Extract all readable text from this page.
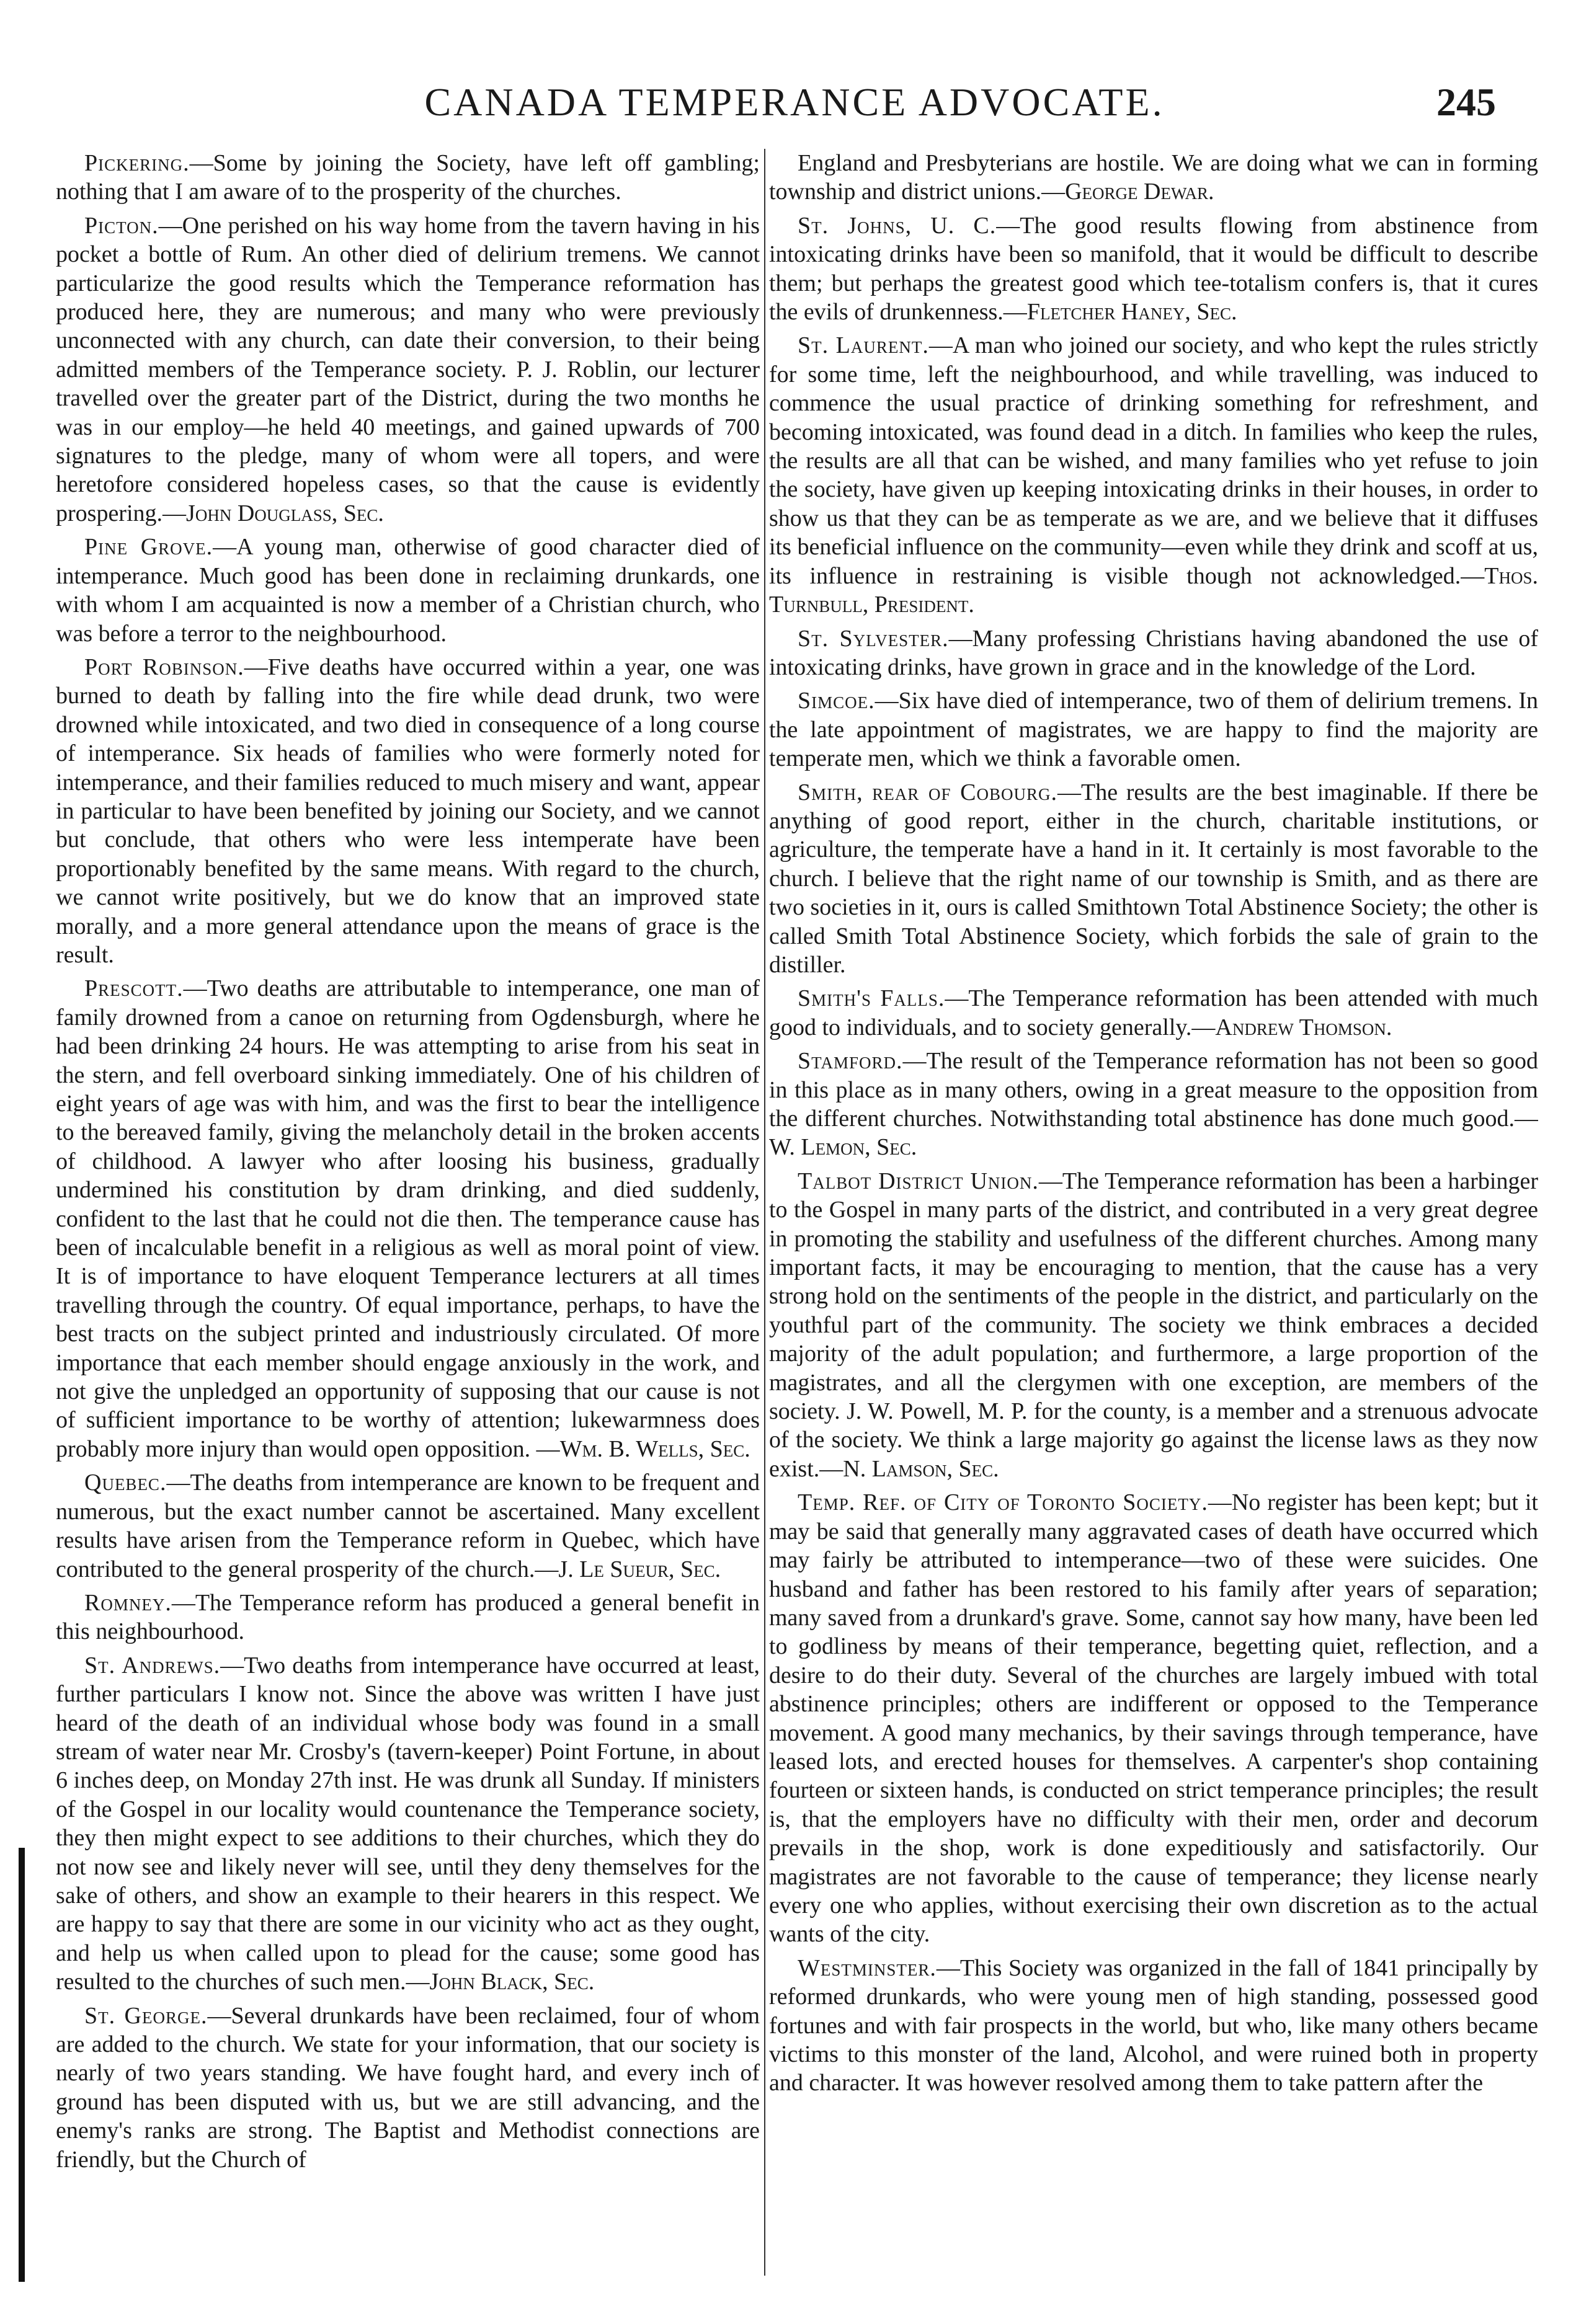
CANADA TEMPERANCE ADVOCATE.	245

Pickering.—Some by joining the Society, have left off gambling; nothing that I am aware of to the prosperity of the churches.

Picton.—One perished on his way home from the tavern having in his pocket a bottle of Rum. An other died of delirium tremens. We cannot particularize the good results which the Temperance reformation has produced here, they are numerous; and many who were previously unconnected with any church, can date their conversion, to their being admitted members of the Temperance society. P. J. Roblin, our lecturer travelled over the greater part of the District, during the two months he was in our employ—he held 40 meetings, and gained upwards of 700 signatures to the pledge, many of whom were all topers, and were heretofore considered hopeless cases, so that the cause is evidently prospering.—John Douglass, Sec.

Pine Grove.—A young man, otherwise of good character died of intemperance. Much good has been done in reclaiming drunkards, one with whom I am acquainted is now a member of a Christian church, who was before a terror to the neighbourhood.

Port Robinson.—Five deaths have occurred within a year, one was burned to death by falling into the fire while dead drunk, two were drowned while intoxicated, and two died in consequence of a long course of intemperance. Six heads of families who were formerly noted for intemperance, and their families reduced to much misery and want, appear in particular to have been benefited by joining our Society, and we cannot but conclude, that others who were less intemperate have been proportionably benefited by the same means. With regard to the church, we cannot write positively, but we do know that an improved state morally, and a more general attendance upon the means of grace is the result.

Prescott.—Two deaths are attributable to intemperance, one man of family drowned from a canoe on returning from Ogdensburgh, where he had been drinking 24 hours. He was attempting to arise from his seat in the stern, and fell overboard sinking immediately. One of his children of eight years of age was with him, and was the first to bear the intelligence to the bereaved family, giving the melancholy detail in the broken accents of childhood. A lawyer who after loosing his business, gradually undermined his constitution by dram drinking, and died suddenly, confident to the last that he could not die then. The temperance cause has been of incalculable benefit in a religious as well as moral point of view. It is of importance to have eloquent Temperance lecturers at all times travelling through the country. Of equal importance, perhaps, to have the best tracts on the subject printed and industriously circulated. Of more importance that each member should engage anxiously in the work, and not give the unpledged an opportunity of supposing that our cause is not of sufficient importance to be worthy of attention; lukewarmness does probably more injury than would open opposition. —Wm. B. Wells, Sec.

Quebec.—The deaths from intemperance are known to be frequent and numerous, but the exact number cannot be ascertained. Many excellent results have arisen from the Temperance reform in Quebec, which have contributed to the general prosperity of the church.—J. Le Sueur, Sec.

Romney.—The Temperance reform has produced a general benefit in this neighbourhood.

St. Andrews.—Two deaths from intemperance have occurred at least, further particulars I know not. Since the above was written I have just heard of the death of an individual whose body was found in a small stream of water near Mr. Crosby's (tavern-keeper) Point Fortune, in about 6 inches deep, on Monday 27th inst. He was drunk all Sunday. If ministers of the Gospel in our locality would countenance the Temperance society, they then might expect to see additions to their churches, which they do not now see and likely never will see, until they deny themselves for the sake of others, and show an example to their hearers in this respect. We are happy to say that there are some in our vicinity who act as they ought, and help us when called upon to plead for the cause; some good has resulted to the churches of such men.—John Black, Sec.

St. George.—Several drunkards have been reclaimed, four of whom are added to the church. We state for your information, that our society is nearly of two years standing. We have fought hard, and every inch of ground has been disputed with us, but we are still advancing, and the enemy's ranks are strong. The Baptist and Methodist connections are friendly, but the Church of

England and Presbyterians are hostile. We are doing what we can in forming township and district unions.—George Dewar.

St. Johns, U. C.—The good results flowing from abstinence from intoxicating drinks have been so manifold, that it would be difficult to describe them; but perhaps the greatest good which tee-totalism confers is, that it cures the evils of drunkenness.—Fletcher Haney, Sec.

St. Laurent.—A man who joined our society, and who kept the rules strictly for some time, left the neighbourhood, and while travelling, was induced to commence the usual practice of drinking something for refreshment, and becoming intoxicated, was found dead in a ditch. In families who keep the rules, the results are all that can be wished, and many families who yet refuse to join the society, have given up keeping intoxicating drinks in their houses, in order to show us that they can be as temperate as we are, and we believe that it diffuses its beneficial influence on the community—even while they drink and scoff at us, its influence in restraining is visible though not acknowledged.—Thos. Turnbull, President.

St. Sylvester.—Many professing Christians having abandoned the use of intoxicating drinks, have grown in grace and in the knowledge of the Lord.

Simcoe.—Six have died of intemperance, two of them of delirium tremens. In the late appointment of magistrates, we are happy to find the majority are temperate men, which we think a favorable omen.

Smith, rear of Cobourg.—The results are the best imaginable. If there be anything of good report, either in the church, charitable institutions, or agriculture, the temperate have a hand in it. It certainly is most favorable to the church. I believe that the right name of our township is Smith, and as there are two societies in it, ours is called Smithtown Total Abstinence Society; the other is called Smith Total Abstinence Society, which forbids the sale of grain to the distiller.

Smith's Falls.—The Temperance reformation has been attended with much good to individuals, and to society generally.—Andrew Thomson.

Stamford.—The result of the Temperance reformation has not been so good in this place as in many others, owing in a great measure to the opposition from the different churches. Notwithstanding total abstinence has done much good.—W. Lemon, Sec.

Talbot District Union.—The Temperance reformation has been a harbinger to the Gospel in many parts of the district, and contributed in a very great degree in promoting the stability and usefulness of the different churches. Among many important facts, it may be encouraging to mention, that the cause has a very strong hold on the sentiments of the people in the district, and particularly on the youthful part of the community. The society we think embraces a decided majority of the adult population; and furthermore, a large proportion of the magistrates, and all the clergymen with one exception, are members of the society. J. W. Powell, M. P. for the county, is a member and a strenuous advocate of the society. We think a large majority go against the license laws as they now exist.—N. Lamson, Sec.

Temp. Ref. of City of Toronto Society.—No register has been kept; but it may be said that generally many aggravated cases of death have occurred which may fairly be attributed to intemperance—two of these were suicides. One husband and father has been restored to his family after years of separation; many saved from a drunkard's grave. Some, cannot say how many, have been led to godliness by means of their temperance, begetting quiet, reflection, and a desire to do their duty. Several of the churches are largely imbued with total abstinence principles; others are indifferent or opposed to the Temperance movement. A good many mechanics, by their savings through temperance, have leased lots, and erected houses for themselves. A carpenter's shop containing fourteen or sixteen hands, is conducted on strict temperance principles; the result is, that the employers have no difficulty with their men, order and decorum prevails in the shop, work is done expeditiously and satisfactorily. Our magistrates are not favorable to the cause of temperance; they license nearly every one who applies, without exercising their own discretion as to the actual wants of the city.

Westminster.—This Society was organized in the fall of 1841 principally by reformed drunkards, who were young men of high standing, possessed good fortunes and with fair prospects in the world, but who, like many others became victims to this monster of the land, Alcohol, and were ruined both in property and character. It was however resolved among them to take pattern after the
